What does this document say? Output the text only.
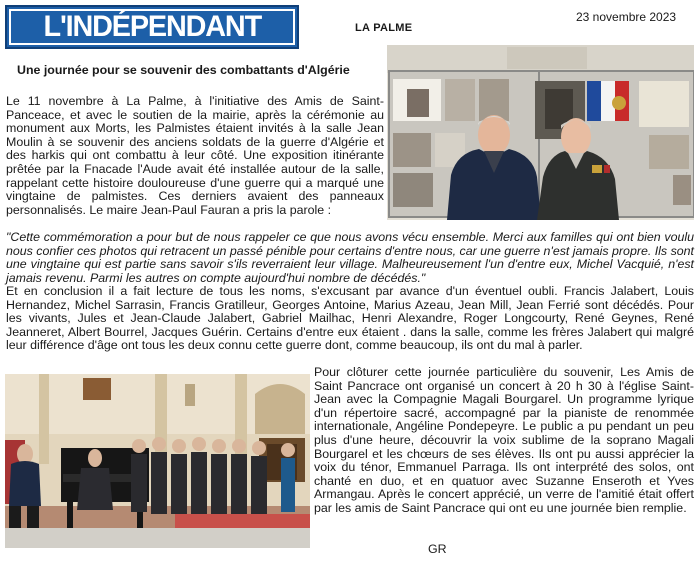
L'INDÉPENDANT	LA PALME
23 novembre 2023
Une journée pour se souvenir des combattants d'Algérie
Le 11 novembre à La Palme, à l'initiative des Amis de Saint-Panceace, et avec le soutien de la mairie, après la cérémonie au monument aux Morts, les Palmistes étaient invités à la salle Jean Moulin à se souvenir des anciens soldats de la guerre d'Algérie et des harkis qui ont combattu à leur côté. Une exposition itinérante prêtée par la Fnacade l'Aude avait été installée autour de la salle, rappelant cette histoire douloureuse d'une guerre qui a marqué une vingtaine de palmistes. Ces derniers avaient des panneaux personnalisés. Le maire Jean-Paul Fauran a pris la parole :
"Cette commémoration a pour but de nous rappeler ce que nous avons vécu ensemble. Merci aux familles qui ont bien voulu nous confier ces photos qui retracent un passé pénible pour certains d'entre nous, car une guerre n'est jamais propre. Ils sont une vingtaine qui est partie sans savoir s'ils reverraient leur village. Malheureusement l'un d'entre eux, Michel Vacquié, n'est jamais revenu. Parmi les autres on compte aujourd'hui nombre de décédés."
Et en conclusion il a fait lecture de tous les noms, s'excusant par avance d'un éventuel oubli. Francis Jalabert, Louis Hernandez, Michel Sarrasin, Francis Gratilleur, Georges Antoine, Marius Azeau, Jean Mill, Jean Ferrié sont décédés. Pour les vivants, Jules et Jean-Claude Jalabert, Gabriel Mailhac, Henri Alexandre, Roger Longcourty, René Geynes, René Jeanneret, Albert Bourrel, Jacques Guérin. Certains d'entre eux étaient . dans la salle, comme les frères Jalabert qui malgré leur différence d'âge ont tous les deux connu cette guerre dont, comme beaucoup, ils ont du mal à parler.
Pour clôturer cette journée particulière du souvenir, Les Amis de Saint Pancrace ont organisé un concert à 20 h 30 à l'église Saint-Jean avec la Compagnie Magali Bourgarel. Un programme lyrique d'un répertoire sacré, accompagné par la pianiste de renommée internationale, Angéline Pondepeyre. Le public a pu pendant un peu plus d'une heure, découvrir la voix sublime de la soprano Magali Bourgarel et les chœurs de ses élèves. Ils ont pu aussi apprécier la voix du ténor, Emmanuel Parraga. Ils ont interprété des solos, ont chanté en duo, et en quatuor avec Suzanne Enseroth et Yves Armangau. Après le concert apprécié, un verre de l'amitié était offert par les amis de Saint Pancrace qui ont eu une journée bien remplie.
GR
